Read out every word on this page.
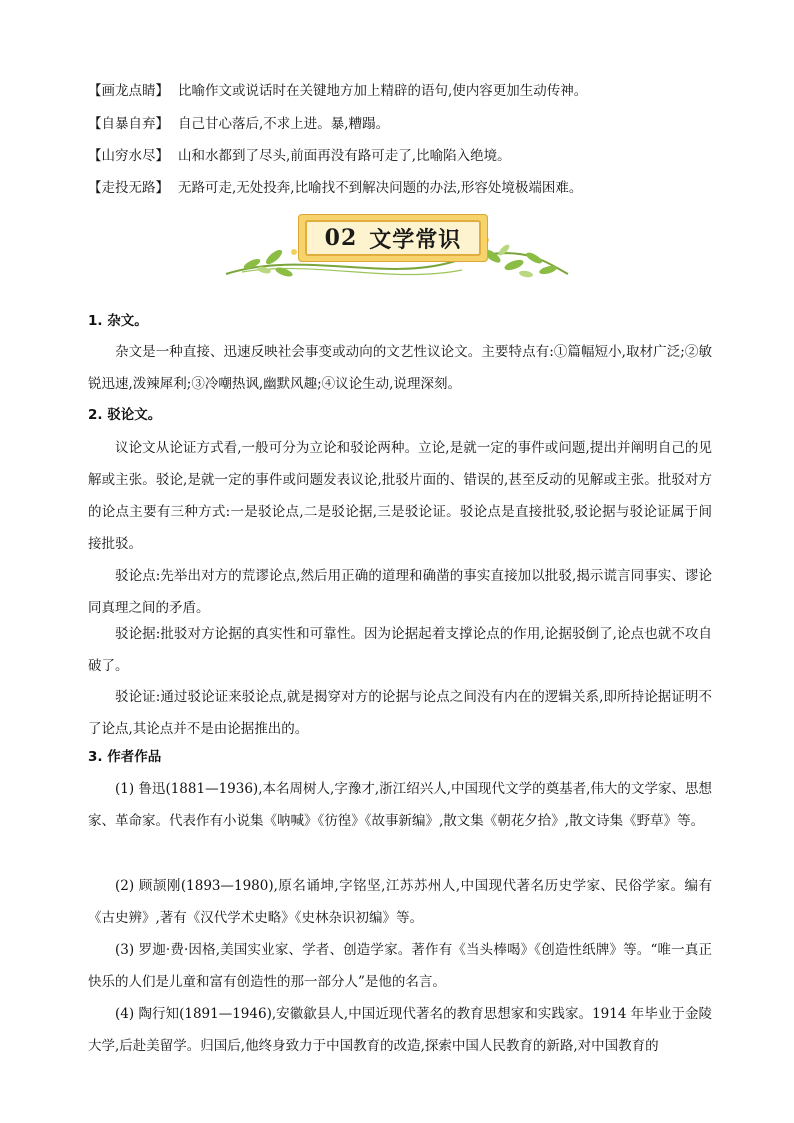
【画龙点睛】 比喻作文或说话时在关键地方加上精辟的语句,使内容更加生动传神。
【自暴自弃】 自己甘心落后,不求上进。暴,糟蹋。
【山穷水尽】 山和水都到了尽头,前面再没有路可走了,比喻陷入绝境。
【走投无路】 无路可走,无处投奔,比喻找不到解决问题的办法,形容处境极端困难。
02 文学常识
1. 杂文。
杂文是一种直接、迅速反映社会事变或动向的文艺性议论文。主要特点有:①篇幅短小,取材广泛;②敏锐迅速,泼辣犀利;③冷嘲热讽,幽默风趣;④议论生动,说理深刻。
2. 驳论文。
议论文从论证方式看,一般可分为立论和驳论两种。立论,是就一定的事件或问题,提出并阐明自己的见解或主张。驳论,是就一定的事件或问题发表议论,批驳片面的、错误的,甚至反动的见解或主张。批驳对方的论点主要有三种方式:一是驳论点,二是驳论据,三是驳论证。驳论点是直接批驳,驳论据与驳论证属于间接批驳。
驳论点:先举出对方的荒谬论点,然后用正确的道理和确凿的事实直接加以批驳,揭示谎言同事实、谬论同真理之间的矛盾。
驳论据:批驳对方论据的真实性和可靠性。因为论据起着支撑论点的作用,论据驳倒了,论点也就不攻自破了。
驳论证:通过驳论证来驳论点,就是揭穿对方的论据与论点之间没有内在的逻辑关系,即所持论据证明不了论点,其论点并不是由论据推出的。
3. 作者作品
(1) 鲁迅(1881—1936),本名周树人,字豫才,浙江绍兴人,中国现代文学的奠基者,伟大的文学家、思想家、革命家。代表作有小说集《呐喊》《彷徨》《故事新编》,散文集《朝花夕拾》,散文诗集《野草》等。
(2) 顾颉刚(1893—1980),原名诵坤,字铭坚,江苏苏州人,中国现代著名历史学家、民俗学家。编有《古史辨》,著有《汉代学术史略》《史林杂识初编》等。
(3) 罗迦·费·因格,美国实业家、学者、创造学家。著作有《当头棒喝》《创造性纸牌》等。“唯一真正快乐的人们是儿童和富有创造性的那一部分人”是他的名言。
(4) 陶行知(1891—1946),安徽歙县人,中国近现代著名的教育思想家和实践家。1914 年毕业于金陵大学,后赴美留学。归国后,他终身致力于中国教育的改造,探索中国人民教育的新路,对中国教育的
